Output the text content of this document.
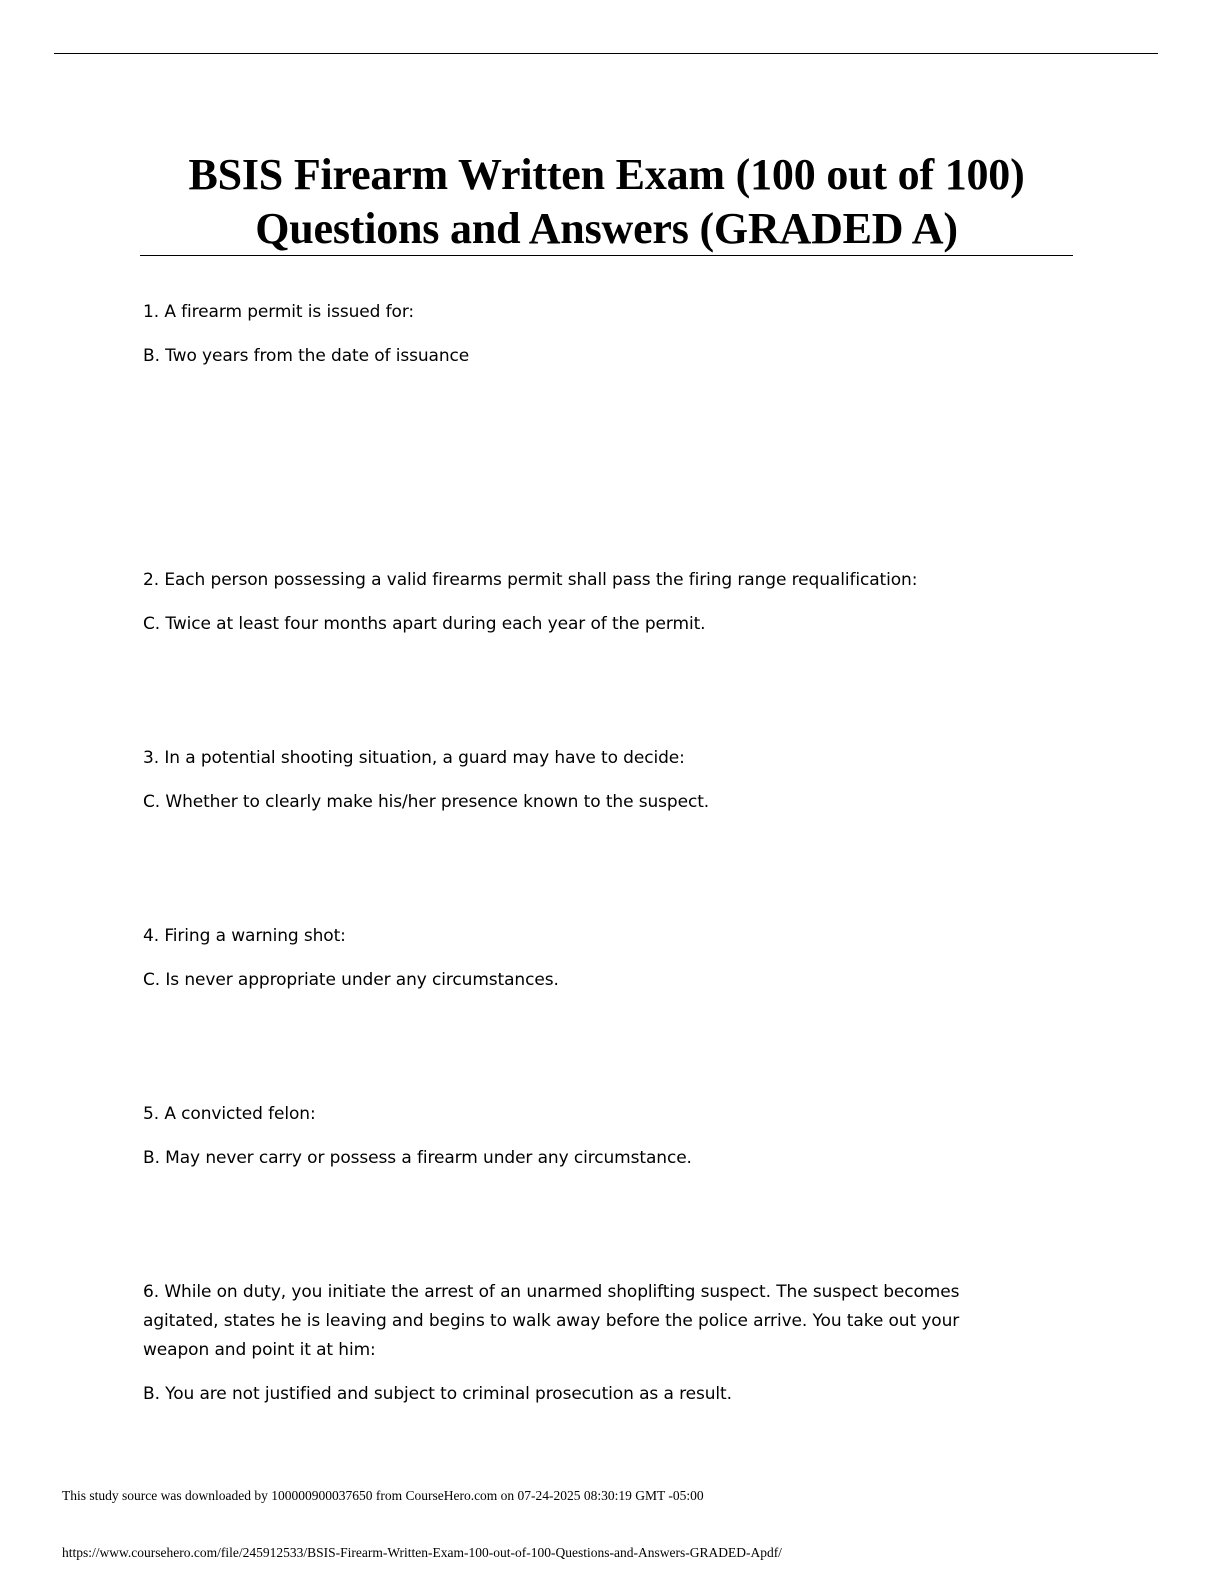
BSIS Firearm Written Exam (100 out of 100)
Questions and Answers (GRADED A)

1. A firearm permit is issued for:

B. Two years from the date of issuance

2. Each person possessing a valid firearms permit shall pass the firing range requalification:

C. Twice at least four months apart during each year of the permit.

3. In a potential shooting situation, a guard may have to decide:

C. Whether to clearly make his/her presence known to the suspect.

4. Firing a warning shot:

C. Is never appropriate under any circumstances.

5. A convicted felon:

B. May never carry or possess a firearm under any circumstance.

6. While on duty, you initiate the arrest of an unarmed shoplifting suspect. The suspect becomes agitated, states he is leaving and begins to walk away before the police arrive. You take out your weapon and point it at him:

B. You are not justified and subject to criminal prosecution as a result.

This study source was downloaded by 100000900037650 from CourseHero.com on 07-24-2025 08:30:19 GMT -05:00
https://www.coursehero.com/file/245912533/BSIS-Firearm-Written-Exam-100-out-of-100-Questions-and-Answers-GRADED-Apdf/
